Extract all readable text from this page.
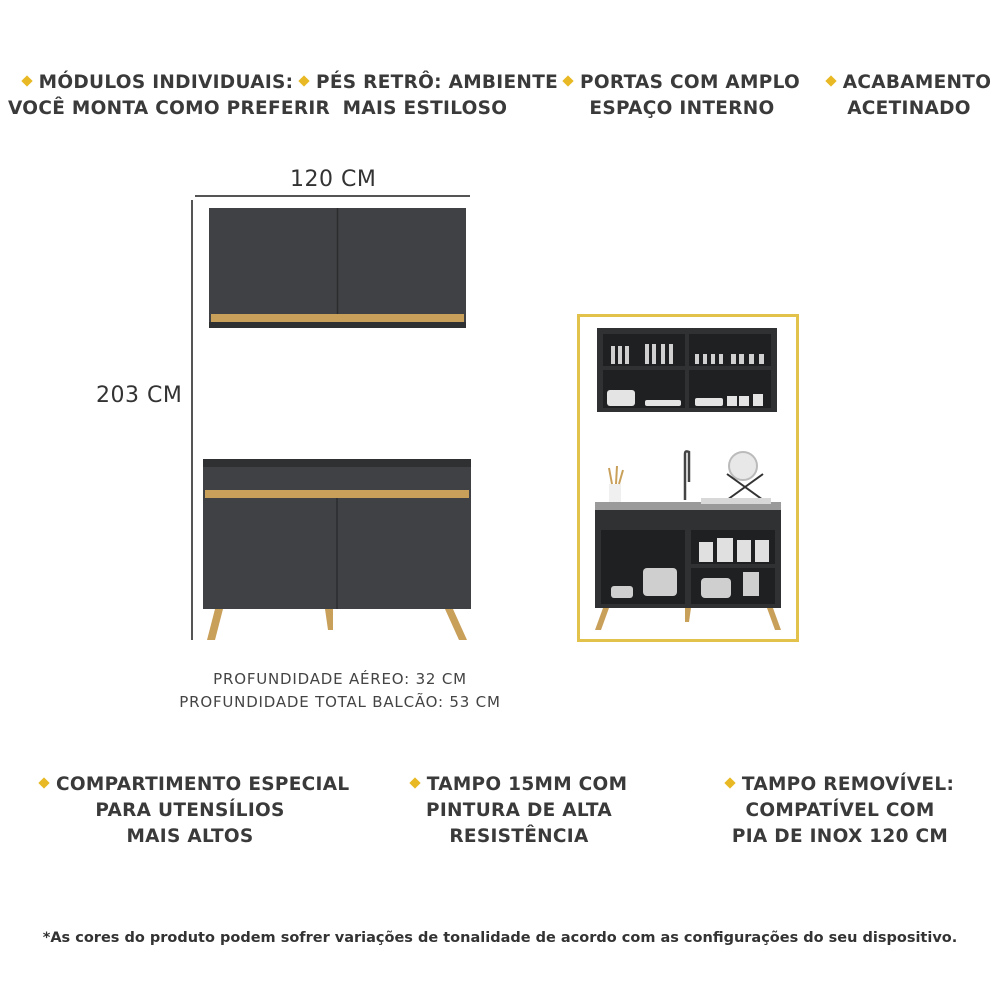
MÓDULOS INDIVIDUAIS:
VOCÊ MONTA COMO PREFERIR
PÉS RETRÔ: AMBIENTE
MAIS ESTILOSO
PORTAS COM AMPLO
ESPAÇO INTERNO
ACABAMENTO
ACETINADO
120 CM
203 CM
PROFUNDIDADE AÉREO: 32 CM
PROFUNDIDADE TOTAL BALCÃO: 53 CM
COMPARTIMENTO ESPECIAL
PARA UTENSÍLIOS
MAIS ALTOS
TAMPO 15MM COM
PINTURA DE ALTA
RESISTÊNCIA
TAMPO REMOVÍVEL:
COMPATÍVEL COM
PIA DE INOX 120 CM
*As cores do produto podem sofrer variações de tonalidade de acordo com as configurações do seu dispositivo.
